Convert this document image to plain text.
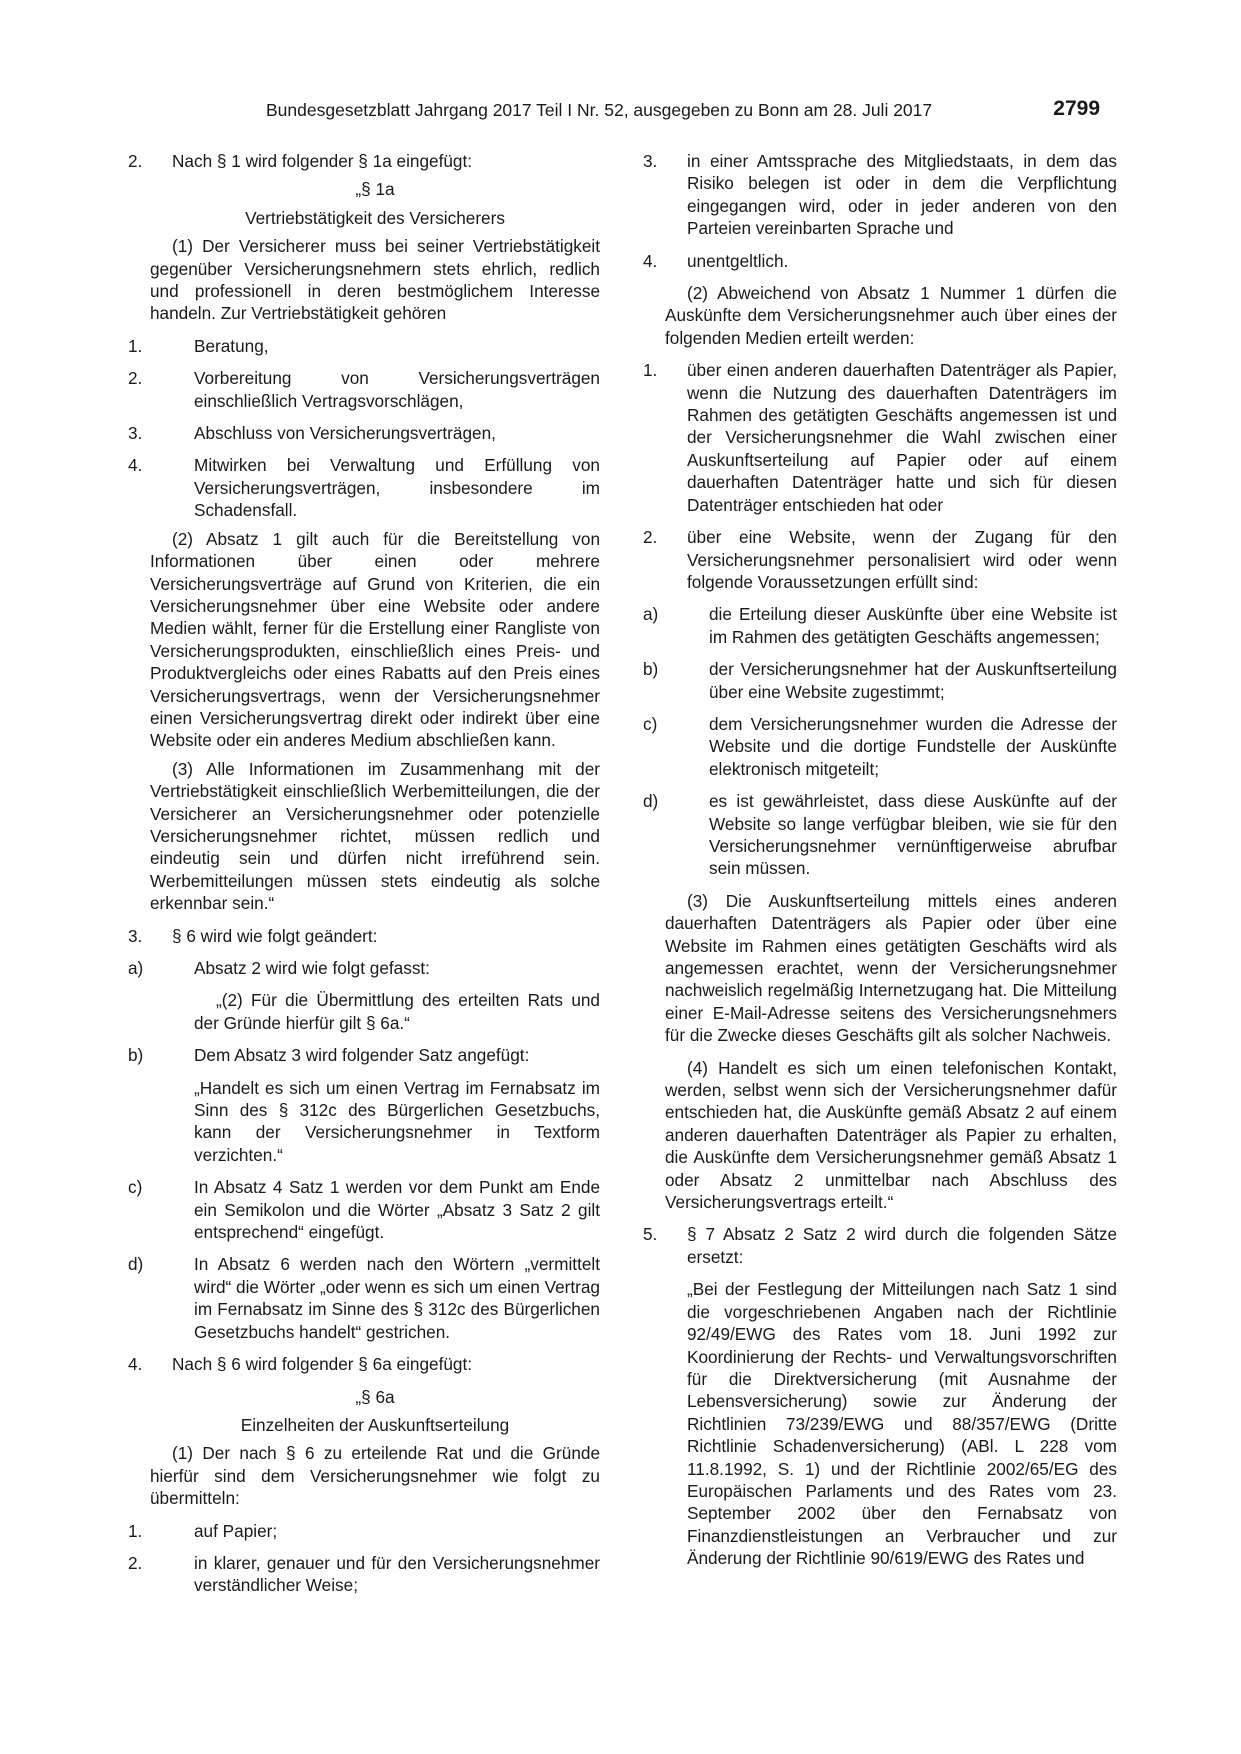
Bundesgesetzblatt Jahrgang 2017 Teil I Nr. 52, ausgegeben zu Bonn am 28. Juli 2017	2799
2. Nach § 1 wird folgender § 1a eingefügt:

„§ 1a

Vertriebstätigkeit des Versicherers

(1) Der Versicherer muss bei seiner Vertriebstätigkeit gegenüber Versicherungsnehmern stets ehrlich, redlich und professionell in deren bestmöglichem Interesse handeln. Zur Vertriebstätigkeit gehören

1.	Beratung,

2.	Vorbereitung von Versicherungsverträgen einschließlich Vertragsvorschlägen,

3.	Abschluss von Versicherungsverträgen,

4.	Mitwirken bei Verwaltung und Erfüllung von Versicherungsverträgen, insbesondere im Schadensfall.

(2) Absatz 1 gilt auch für die Bereitstellung von Informationen über einen oder mehrere Versicherungsverträge auf Grund von Kriterien, die ein Versicherungsnehmer über eine Website oder andere Medien wählt, ferner für die Erstellung einer Rangliste von Versicherungsprodukten, einschließlich eines Preis- und Produktvergleichs oder eines Rabatts auf den Preis eines Versicherungsvertrags, wenn der Versicherungsnehmer einen Versicherungsvertrag direkt oder indirekt über eine Website oder ein anderes Medium abschließen kann.

(3) Alle Informationen im Zusammenhang mit der Vertriebstätigkeit einschließlich Werbemitteilungen, die der Versicherer an Versicherungsnehmer oder potenzielle Versicherungsnehmer richtet, müssen redlich und eindeutig sein und dürfen nicht irreführend sein. Werbemitteilungen müssen stets eindeutig als solche erkennbar sein.“

3. § 6 wird wie folgt geändert:

a)	Absatz 2 wird wie folgt gefasst:

„(2) Für die Übermittlung des erteilten Rats und der Gründe hierfür gilt § 6a.“

b)	Dem Absatz 3 wird folgender Satz angefügt:

„Handelt es sich um einen Vertrag im Fernabsatz im Sinn des § 312c des Bürgerlichen Gesetzbuchs, kann der Versicherungsnehmer in Textform verzichten.“

c)	In Absatz 4 Satz 1 werden vor dem Punkt am Ende ein Semikolon und die Wörter „Absatz 3 Satz 2 gilt entsprechend“ eingefügt.

d)	In Absatz 6 werden nach den Wörtern „vermittelt wird“ die Wörter „oder wenn es sich um einen Vertrag im Fernabsatz im Sinne des § 312c des Bürgerlichen Gesetzbuchs handelt“ gestrichen.

4. Nach § 6 wird folgender § 6a eingefügt:

„§ 6a

Einzelheiten der Auskunftserteilung

(1) Der nach § 6 zu erteilende Rat und die Gründe hierfür sind dem Versicherungsnehmer wie folgt zu übermitteln:

1.	auf Papier;

2.	in klarer, genauer und für den Versicherungsnehmer verständlicher Weise;

3. in einer Amtssprache des Mitgliedstaats, in dem das Risiko belegen ist oder in dem die Verpflichtung eingegangen wird, oder in jeder anderen von den Parteien vereinbarten Sprache und

4. unentgeltlich.

(2) Abweichend von Absatz 1 Nummer 1 dürfen die Auskünfte dem Versicherungsnehmer auch über eines der folgenden Medien erteilt werden:

1. über einen anderen dauerhaften Datenträger als Papier, wenn die Nutzung des dauerhaften Datenträgers im Rahmen des getätigten Geschäfts angemessen ist und der Versicherungsnehmer die Wahl zwischen einer Auskunftserteilung auf Papier oder auf einem dauerhaften Datenträger hatte und sich für diesen Datenträger entschieden hat oder

2. über eine Website, wenn der Zugang für den Versicherungsnehmer personalisiert wird oder wenn folgende Voraussetzungen erfüllt sind:

a)	die Erteilung dieser Auskünfte über eine Website ist im Rahmen des getätigten Geschäfts angemessen;

b)	der Versicherungsnehmer hat der Auskunftserteilung über eine Website zugestimmt;

c)	dem Versicherungsnehmer wurden die Adresse der Website und die dortige Fundstelle der Auskünfte elektronisch mitgeteilt;

d)	es ist gewährleistet, dass diese Auskünfte auf der Website so lange verfügbar bleiben, wie sie für den Versicherungsnehmer vernünftigerweise abrufbar sein müssen.

(3) Die Auskunftserteilung mittels eines anderen dauerhaften Datenträgers als Papier oder über eine Website im Rahmen eines getätigten Geschäfts wird als angemessen erachtet, wenn der Versicherungsnehmer nachweislich regelmäßig Internetzugang hat. Die Mitteilung einer E-Mail-Adresse seitens des Versicherungsnehmers für die Zwecke dieses Geschäfts gilt als solcher Nachweis.

(4) Handelt es sich um einen telefonischen Kontakt, werden, selbst wenn sich der Versicherungsnehmer dafür entschieden hat, die Auskünfte gemäß Absatz 2 auf einem anderen dauerhaften Datenträger als Papier zu erhalten, die Auskünfte dem Versicherungsnehmer gemäß Absatz 1 oder Absatz 2 unmittelbar nach Abschluss des Versicherungsvertrags erteilt.“

5. § 7 Absatz 2 Satz 2 wird durch die folgenden Sätze ersetzt:

„Bei der Festlegung der Mitteilungen nach Satz 1 sind die vorgeschriebenen Angaben nach der Richtlinie 92/49/EWG des Rates vom 18. Juni 1992 zur Koordinierung der Rechts- und Verwaltungsvorschriften für die Direktversicherung (mit Ausnahme der Lebensversicherung) sowie zur Änderung der Richtlinien 73/239/EWG und 88/357/EWG (Dritte Richtlinie Schadenversicherung) (ABl. L 228 vom 11.8.1992, S. 1) und der Richtlinie 2002/65/EG des Europäischen Parlaments und des Rates vom 23. September 2002 über den Fernabsatz von Finanzdienstleistungen an Verbraucher und zur Änderung der Richtlinie 90/619/EWG des Rates und
